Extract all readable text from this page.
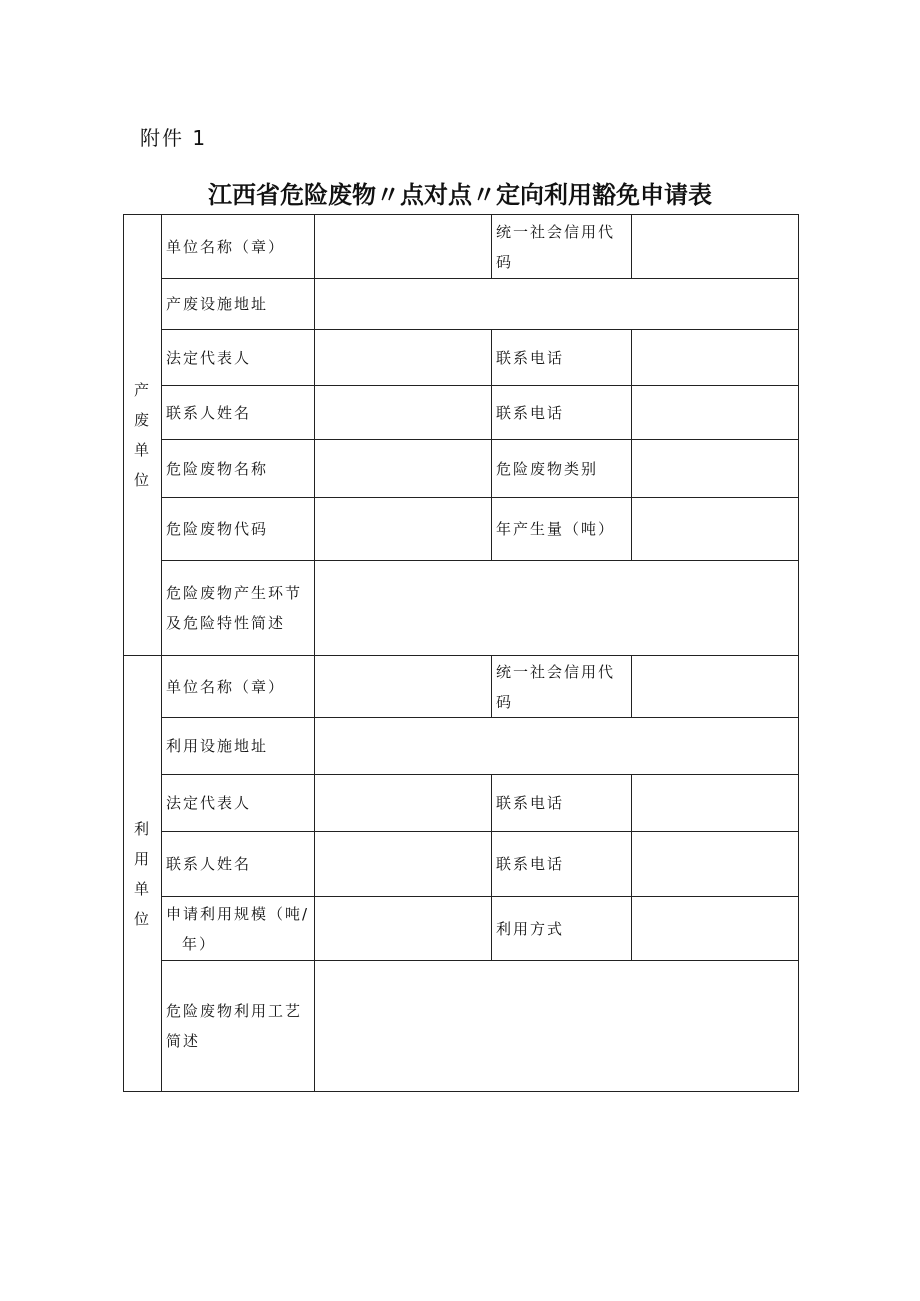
附件 1
江西省危险废物〃点对点〃定向利用豁免申请表
产废
单位	单位名称（章）		统一社会信用代码	
	产废设施地址			
	法定代表人		联系电话	
	联系人姓名		联系电话	
	危险废物名称		危险废物类别	
	危险废物代码		年产生量（吨）	

	危险废物产生环节
及危险特性简述			

利用
单位	单位名称（章）		统一社会信用代码	
	利用设施地址			
	法定代表人		联系电话	
	联系人姓名		联系电话	

	申请利用规模（吨/
年）		利用方式	

	危险废物利用工艺
简述			
